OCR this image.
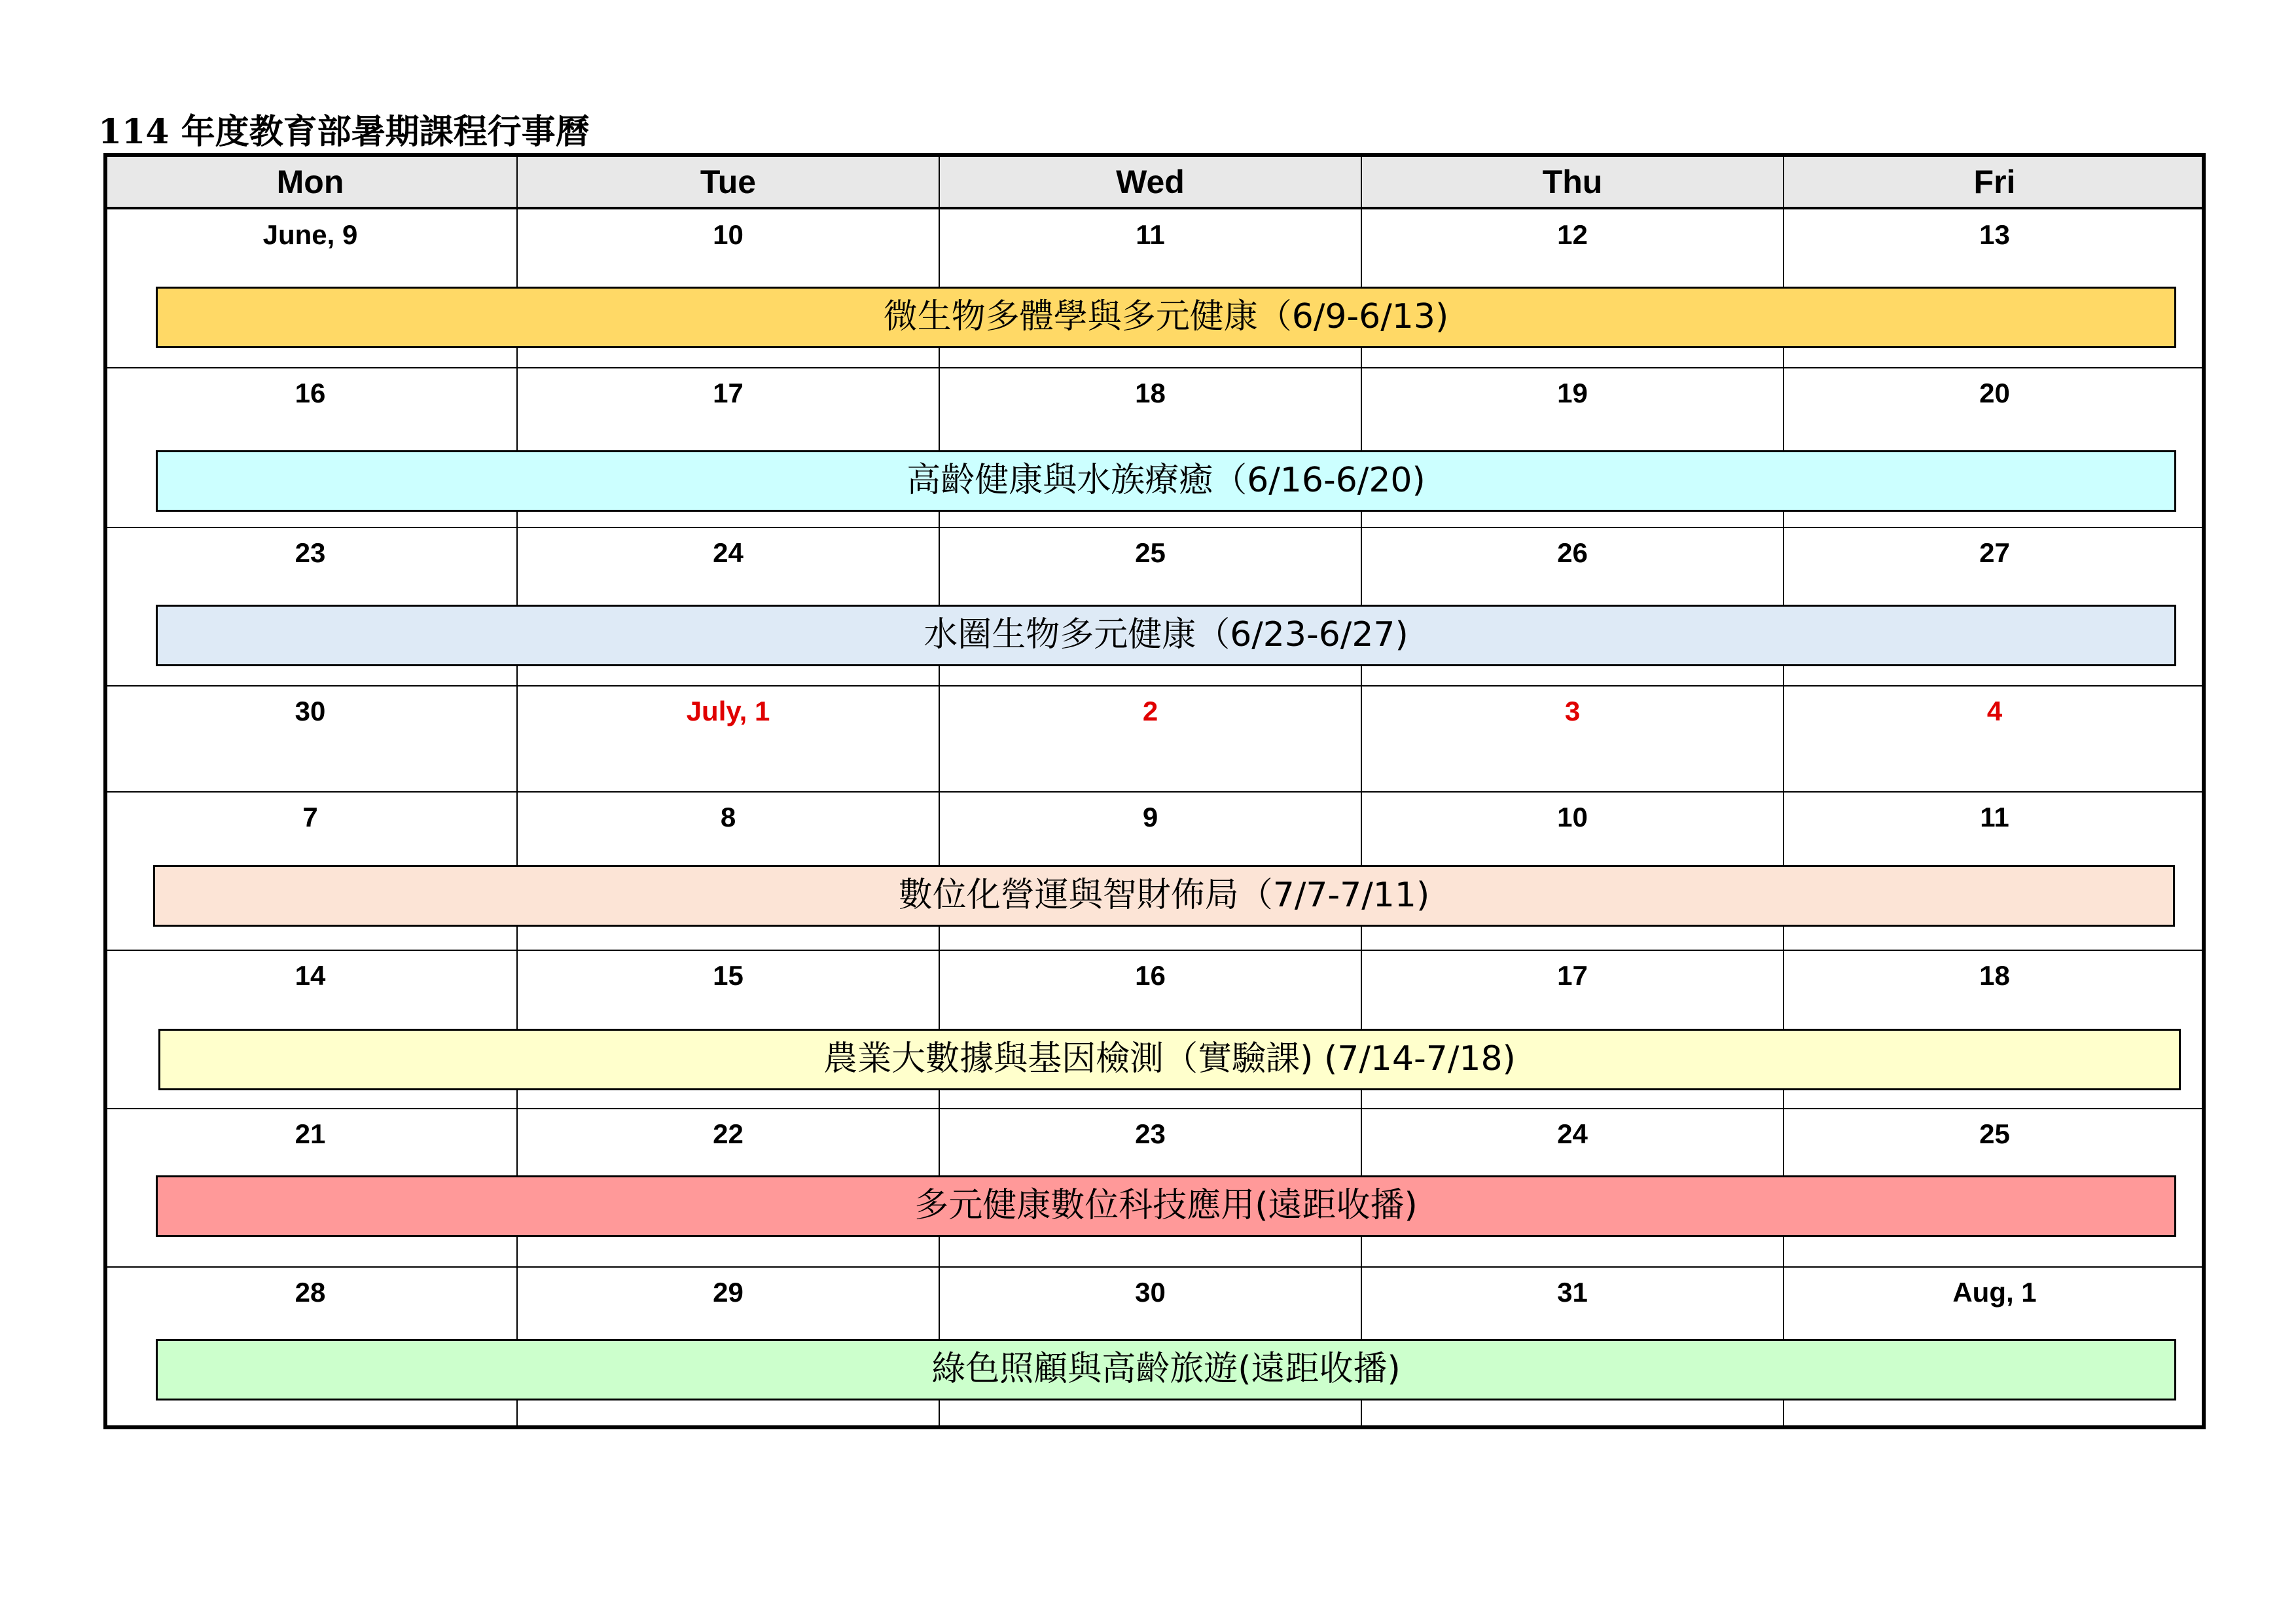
114 年度教育部暑期課程行事曆
Mon	Tue	Wed	Thu	Fri
June, 9	10	11	12	13
微生物多體學與多元健康（6/9-6/13)
16	17	18	19	20
高齡健康與水族療癒（6/16-6/20)
23	24	25	26	27
水圈生物多元健康（6/23-6/27)
30	July, 1	2	3	4
7	8	9	10	11
數位化營運與智財佈局（7/7-7/11)
14	15	16	17	18
農業大數據與基因檢測（實驗課) (7/14-7/18)
21	22	23	24	25
多元健康數位科技應用(遠距收播)
28	29	30	31	Aug, 1
綠色照顧與高齡旅遊(遠距收播)
